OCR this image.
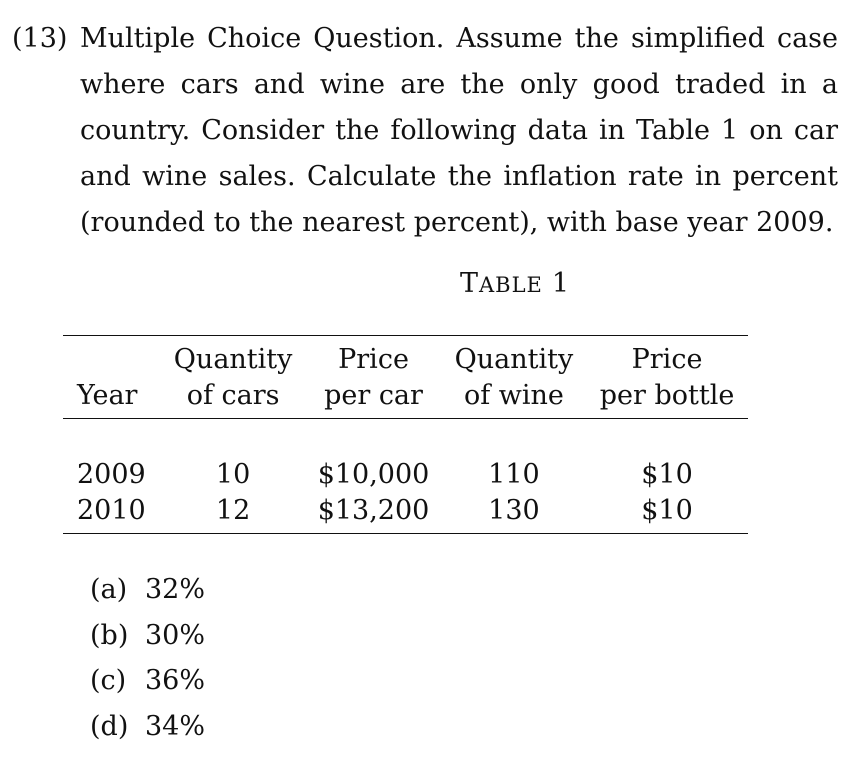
(13) Multiple Choice Question. Assume the simplified case where cars and wine are the only good traded in a country. Consider the following data in Table 1 on car and wine sales. Calculate the inflation rate in percent (rounded to the nearest percent), with base year 2009.
TABLE 1
	Quantity	Price	Quantity	Price
Year	of cars	per car	of wine	per bottle
2009	10	$10,000	110	$10
2010	12	$13,200	130	$10
(a) 32%
(b) 30%
(c) 36%
(d) 34%
